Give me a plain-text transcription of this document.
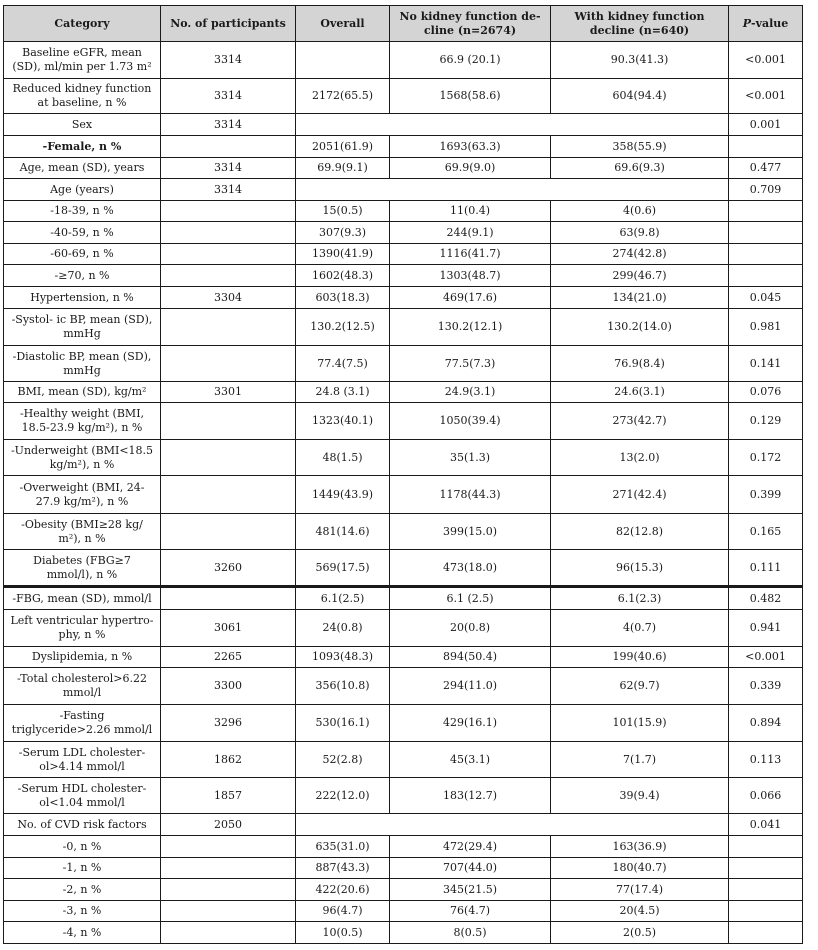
Category	No. of participants	Overall	No kidney function de-cline (n=2674)	With kidney function decline (n=640)	P-value
Baseline eGFR, mean (SD), ml/min per 1.73 m²	3314		66.9 (20.1)	90.3(41.3)	<0.001
Reduced kidney function at baseline, n %	3314	2172(65.5)	1568(58.6)	604(94.4)	<0.001
Sex	3314				0.001
-Female, n %		2051(61.9)	1693(63.3)	358(55.9)	
Age, mean (SD), years	3314	69.9(9.1)	69.9(9.0)	69.6(9.3)	0.477
Age (years)	3314				0.709
-18-39, n %		15(0.5)	11(0.4)	4(0.6)	
-40-59, n %		307(9.3)	244(9.1)	63(9.8)	
-60-69, n %		1390(41.9)	1116(41.7)	274(42.8)	
-≥70, n %		1602(48.3)	1303(48.7)	299(46.7)	
Hypertension, n %	3304	603(18.3)	469(17.6)	134(21.0)	0.045
-Systol- ic BP, mean (SD), mmHg		130.2(12.5)	130.2(12.1)	130.2(14.0)	0.981
-Diastolic BP, mean (SD), mmHg		77.4(7.5)	77.5(7.3)	76.9(8.4)	0.141
BMI, mean (SD), kg/m²	3301	24.8 (3.1)	24.9(3.1)	24.6(3.1)	0.076
-Healthy weight (BMI, 18.5-23.9 kg/m²), n %		1323(40.1)	1050(39.4)	273(42.7)	0.129
-Underweight (BMI<18.5 kg/m²), n %		48(1.5)	35(1.3)	13(2.0)	0.172
-Overweight (BMI, 24-27.9 kg/m²), n %		1449(43.9)	1178(44.3)	271(42.4)	0.399
-Obesity (BMI≥28 kg/ m²), n %		481(14.6)	399(15.0)	82(12.8)	0.165
Diabetes (FBG≥7 mmol/l), n %	3260	569(17.5)	473(18.0)	96(15.3)	0.111
-FBG, mean (SD), mmol/l		6.1(2.5)	6.1 (2.5)	6.1(2.3)	0.482
Left ventricular hypertro- phy, n %	3061	24(0.8)	20(0.8)	4(0.7)	0.941
Dyslipidemia, n %	2265	1093(48.3)	894(50.4)	199(40.6)	<0.001
-Total cholesterol>6.22 mmol/l	3300	356(10.8)	294(11.0)	62(9.7)	0.339
-Fasting triglyceride>2.26 mmol/l	3296	530(16.1)	429(16.1)	101(15.9)	0.894
-Serum LDL cholester- ol>4.14 mmol/l	1862	52(2.8)	45(3.1)	7(1.7)	0.113
-Serum HDL cholester- ol<1.04 mmol/l	1857	222(12.0)	183(12.7)	39(9.4)	0.066
No. of CVD risk factors	2050				0.041
-0, n %		635(31.0)	472(29.4)	163(36.9)	
-1, n %		887(43.3)	707(44.0)	180(40.7)	
-2, n %		422(20.6)	345(21.5)	77(17.4)	
-3, n %		96(4.7)	76(4.7)	20(4.5)	
-4, n %		10(0.5)	8(0.5)	2(0.5)	
